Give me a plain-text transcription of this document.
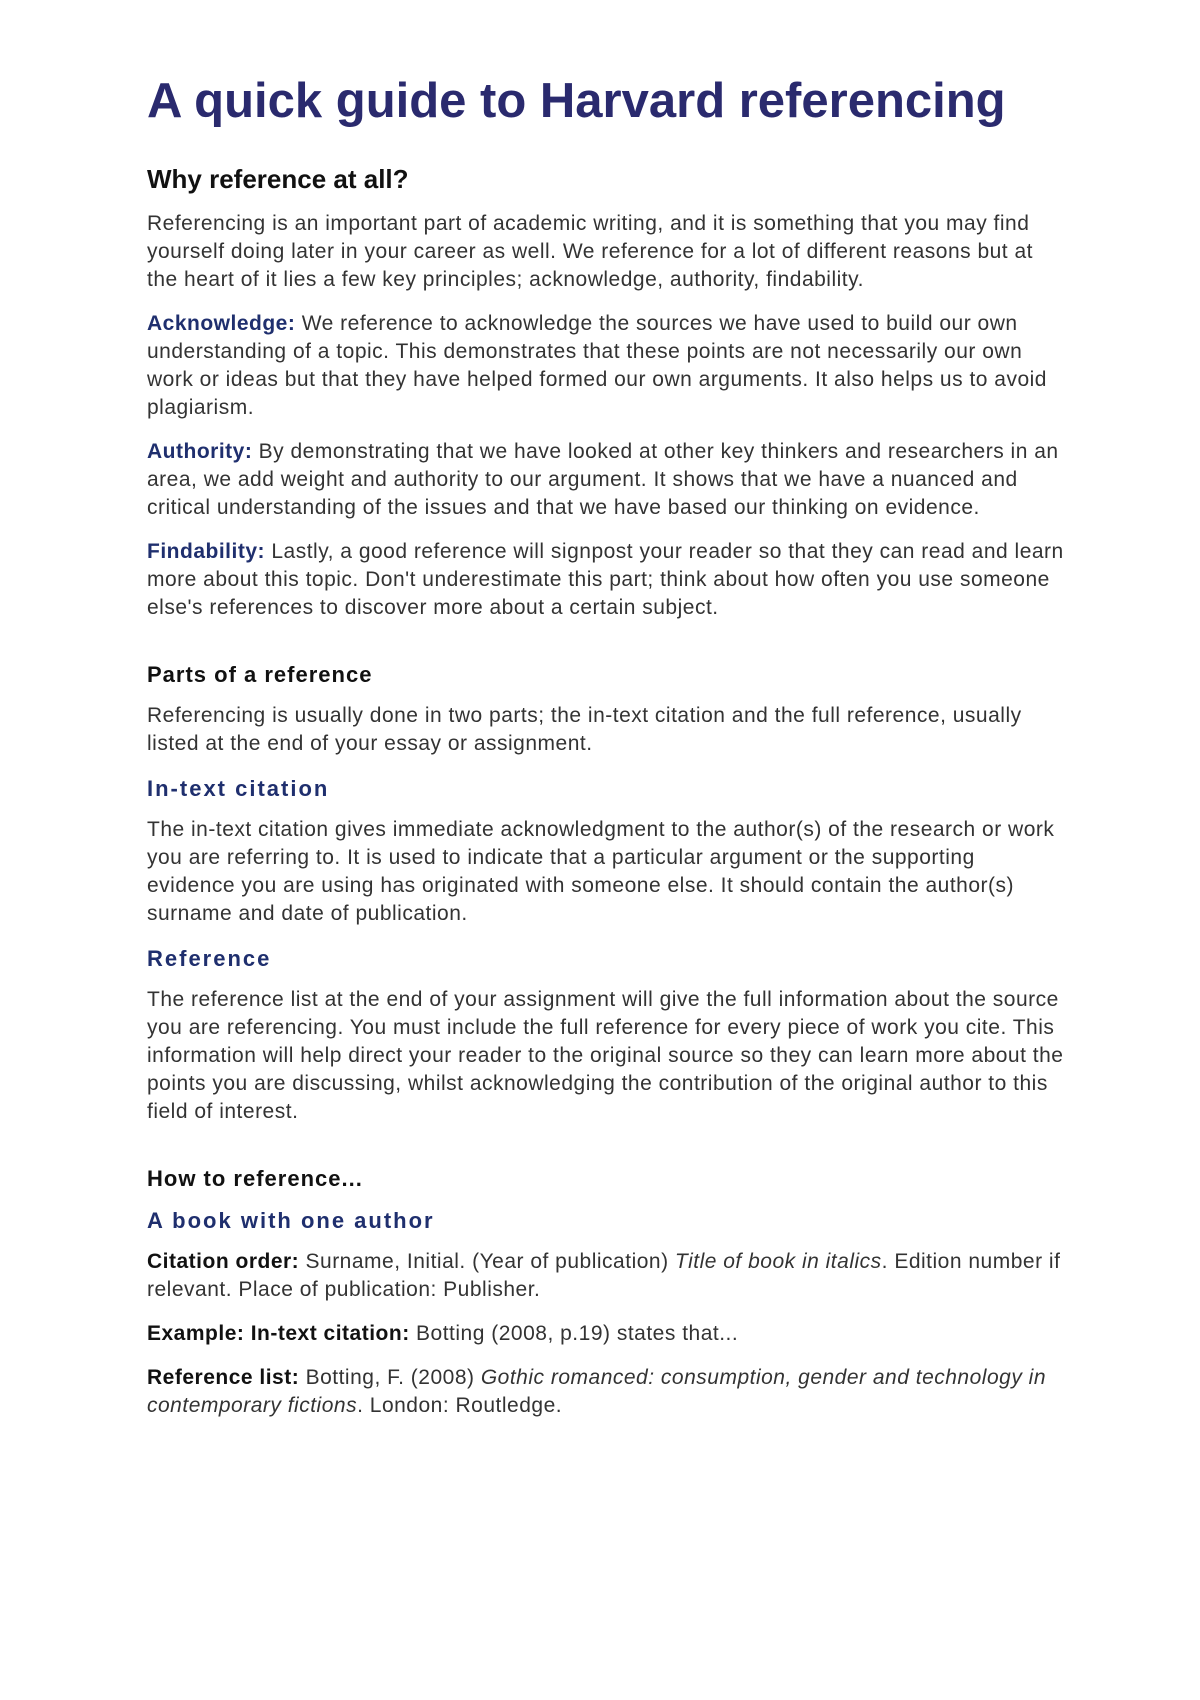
A quick guide to Harvard referencing
Why reference at all?

Referencing is an important part of academic writing, and it is something that you may find yourself doing later in your career as well. We reference for a lot of different reasons but at the heart of it lies a few key principles; acknowledge, authority, findability.

Acknowledge: We reference to acknowledge the sources we have used to build our own understanding of a topic. This demonstrates that these points are not necessarily our own work or ideas but that they have helped formed our own arguments. It also helps us to avoid plagiarism.

Authority: By demonstrating that we have looked at other key thinkers and researchers in an area, we add weight and authority to our argument. It shows that we have a nuanced and critical understanding of the issues and that we have based our thinking on evidence.

Findability: Lastly, a good reference will signpost your reader so that they can read and learn more about this topic. Don't underestimate this part; think about how often you use someone else's references to discover more about a certain subject.

Parts of a reference

Referencing is usually done in two parts; the in-text citation and the full reference, usually listed at the end of your essay or assignment.

In-text citation

The in-text citation gives immediate acknowledgment to the author(s) of the research or work you are referring to. It is used to indicate that a particular argument or the supporting evidence you are using has originated with someone else. It should contain the author(s) surname and date of publication.

Reference

The reference list at the end of your assignment will give the full information about the source you are referencing. You must include the full reference for every piece of work you cite. This information will help direct your reader to the original source so they can learn more about the points you are discussing, whilst acknowledging the contribution of the original author to this field of interest.

How to reference...
A book with one author

Citation order: Surname, Initial. (Year of publication) Title of book in italics. Edition number if relevant. Place of publication: Publisher.

Example: In-text citation: Botting (2008, p.19) states that...

Reference list: Botting, F. (2008) Gothic romanced: consumption, gender and technology in contemporary fictions. London: Routledge.
